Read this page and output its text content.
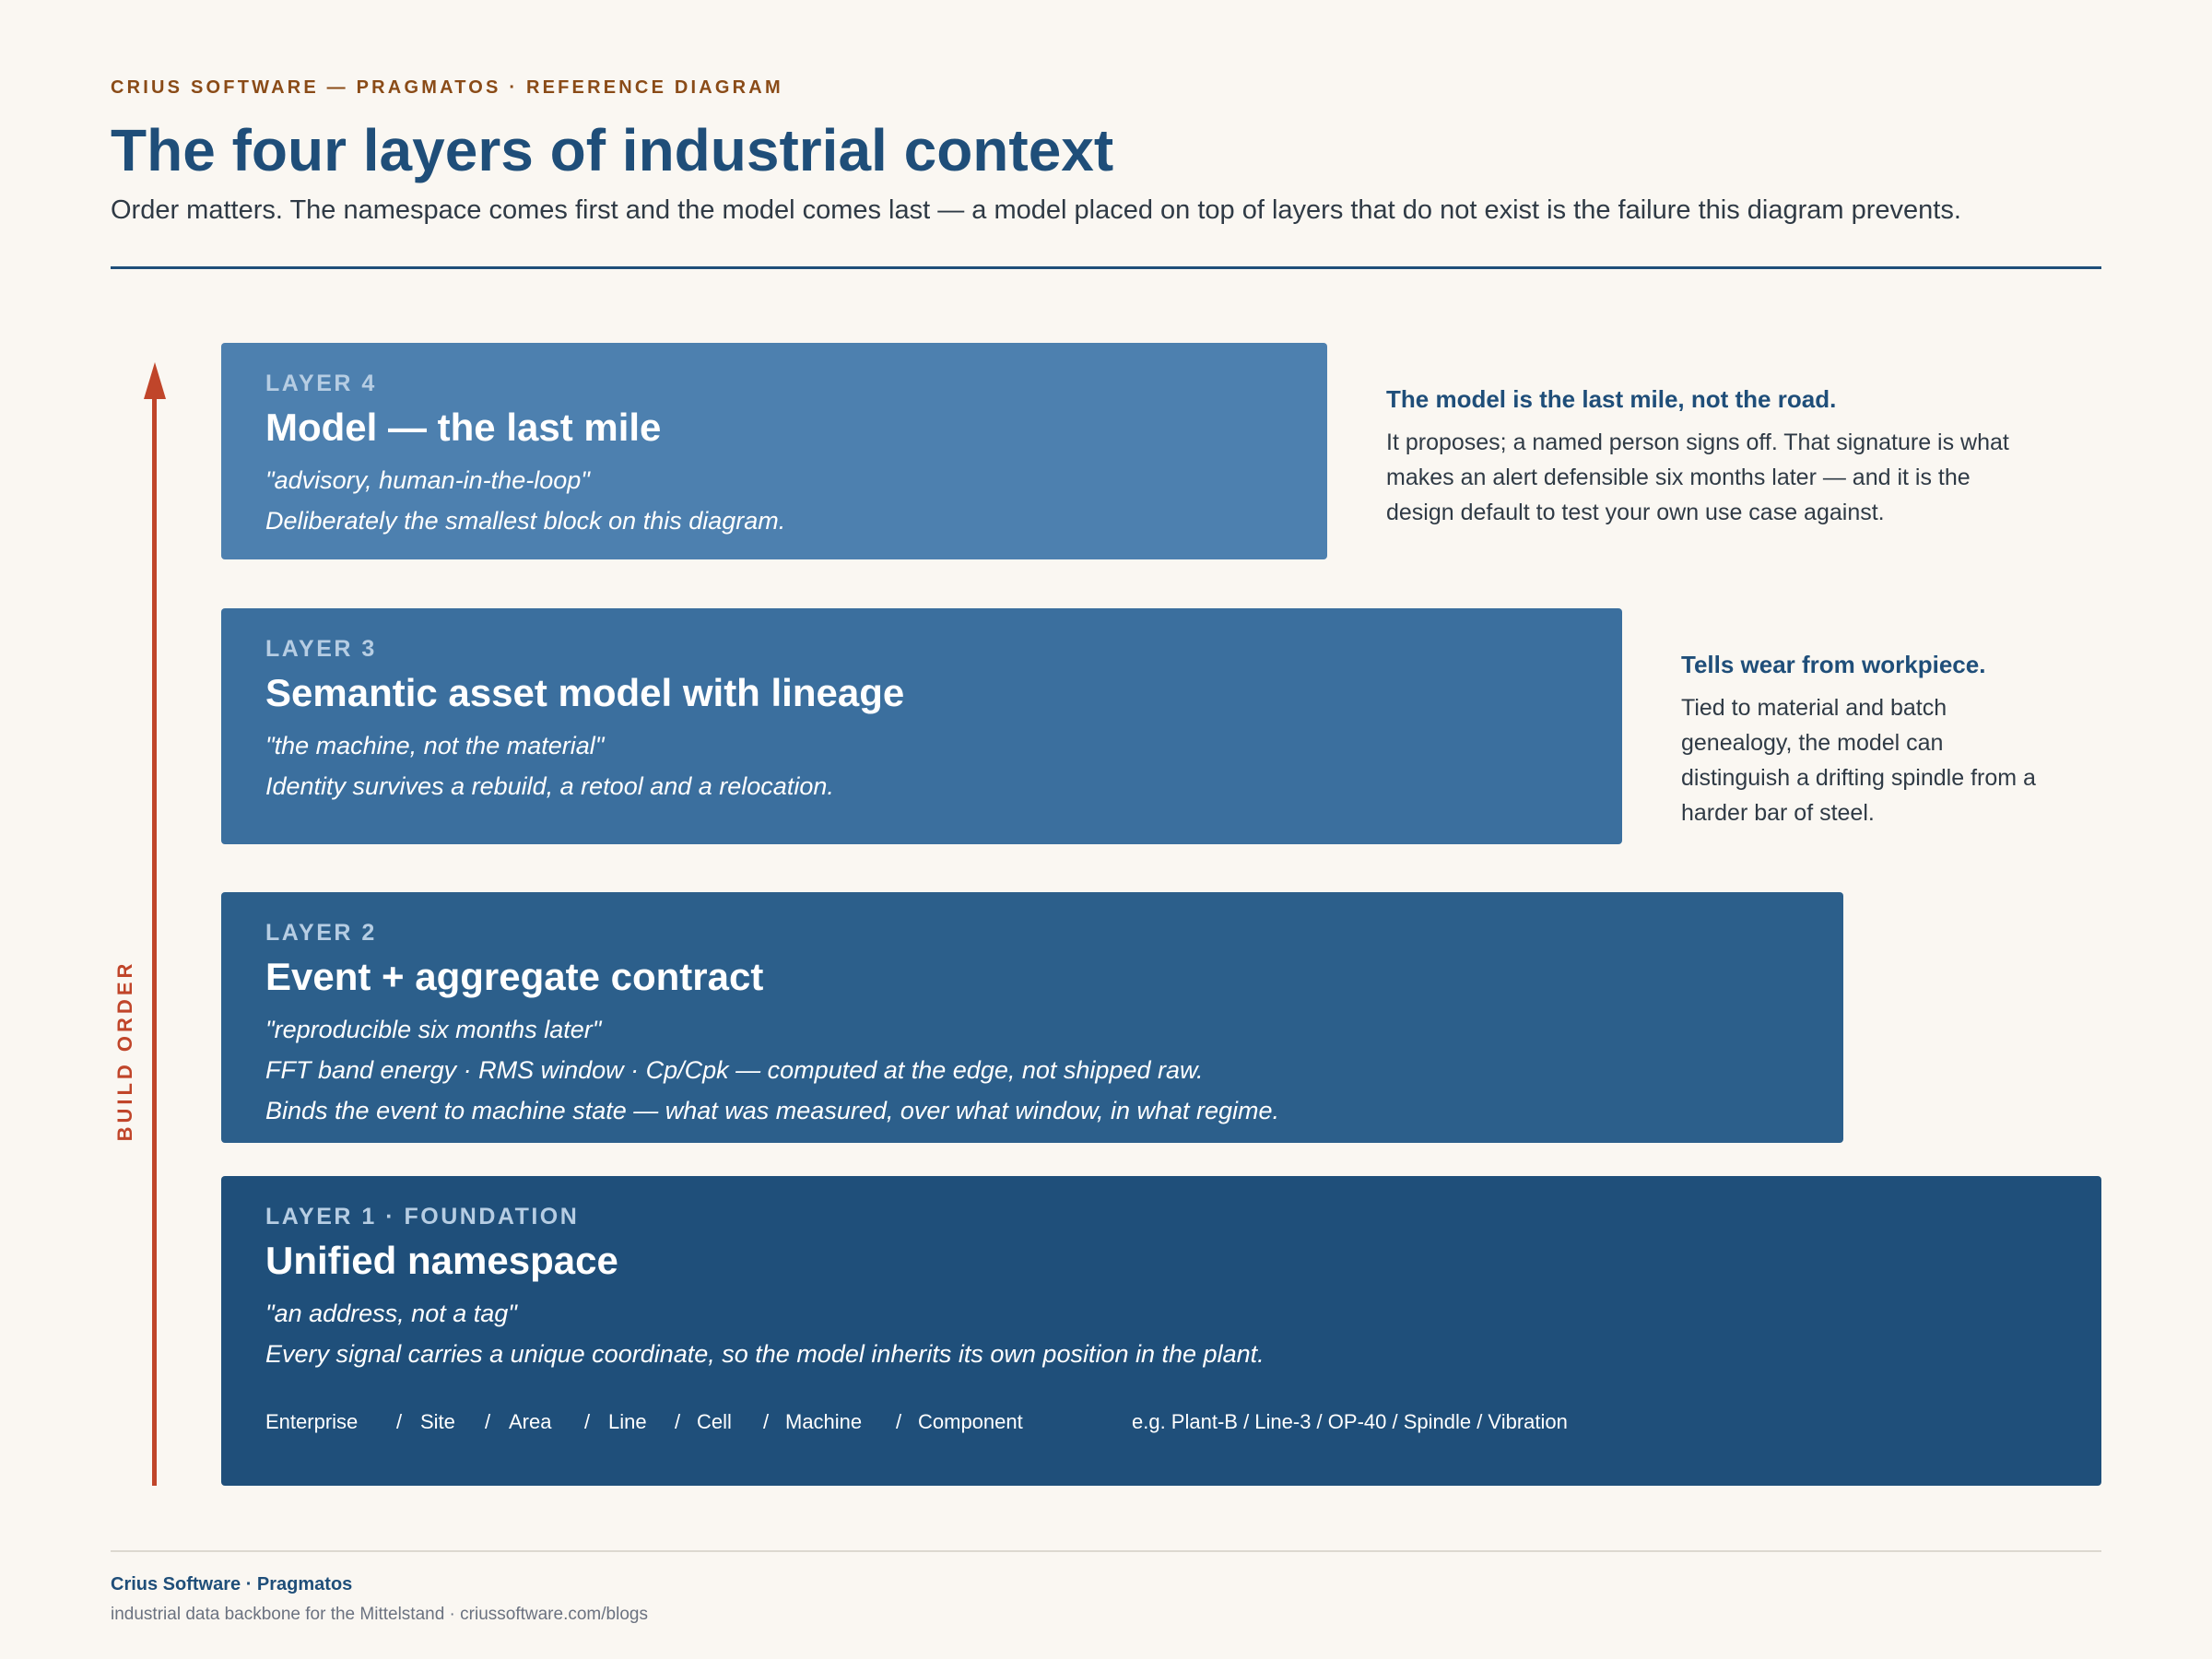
CRIUS SOFTWARE — PRAGMATOS · REFERENCE DIAGRAM
The four layers of industrial context

Order matters. The namespace comes first and the model comes last — a model placed on top of layers that do not exist is the failure this diagram prevents.

BUILD ORDER
LAYER 4
Model — the last mile
"advisory, human-in-the-loop"
Deliberately the smallest block on this diagram.
LAYER 3
Semantic asset model with lineage
"the machine, not the material"
Identity survives a rebuild, a retool and a relocation.
LAYER 2
Event + aggregate contract
"reproducible six months later"
FFT band energy · RMS window · Cp/Cpk — computed at the edge, not shipped raw.
Binds the event to machine state — what was measured, over what window, in what regime.
LAYER 1 · FOUNDATION
Unified namespace
"an address, not a tag"
Every signal carries a unique coordinate, so the model inherits its own position in the plant.
Enterprise / Site / Area / Line / Cell / Machine / Component	e.g. Plant-B / Line-3 / OP-40 / Spindle / Vibration
The model is the last mile, not the road.
It proposes; a named person signs off. That signature is what makes an alert defensible six months later — and it is the design default to test your own use case against.
Tells wear from workpiece.
Tied to material and batch genealogy, the model can distinguish a drifting spindle from a harder bar of steel.
Crius Software · Pragmatos
industrial data backbone for the Mittelstand · criussoftware.com/blogs
